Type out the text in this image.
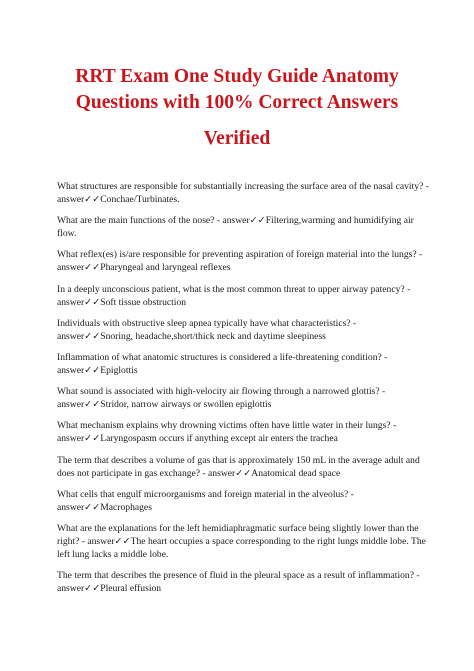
RRT Exam One Study Guide Anatomy
Questions with 100% Correct Answers
Verified

What structures are responsible for substantially increasing the surface area of the nasal cavity? - answer✓✓Conchae/Turbinates.

What are the main functions of the nose? - answer✓✓Filtering,warming and humidifying air flow.

What reflex(es) is/are responsible for preventing aspiration of foreign material into the lungs? - answer✓✓Pharyngeal and laryngeal reflexes

In a deeply unconscious patient, what is the most common threat to upper airway patency? - answer✓✓Soft tissue obstruction

Individuals with obstructive sleep apnea typically have what characteristics? - answer✓✓Snoring, headache,short/thick neck and daytime sleepiness

Inflammation of what anatomic structures is considered a life-threatening condition? - answer✓✓Epiglottis

What sound is associated with high-velocity air flowing through a narrowed glottis? - answer✓✓Stridor, narrow airways or swollen epiglottis

What mechanism explains why drowning victims often have little water in their lungs? - answer✓✓Laryngospasm occurs if anything except air enters the trachea

The term that describes a volume of gas that is approximately 150 mL in the average adult and does not participate in gas exchange? - answer✓✓Anatomical dead space

What cells that engulf microorganisms and foreign material in the alveolus? - answer✓✓Macrophages

What are the explanations for the left hemidiaphragmatic surface being slightly lower than the right? - answer✓✓The heart occupies a space corresponding to the right lungs middle lobe. The left lung lacks a middle lobe.

The term that describes the presence of fluid in the pleural space as a result of inflammation? - answer✓✓Pleural effusion
